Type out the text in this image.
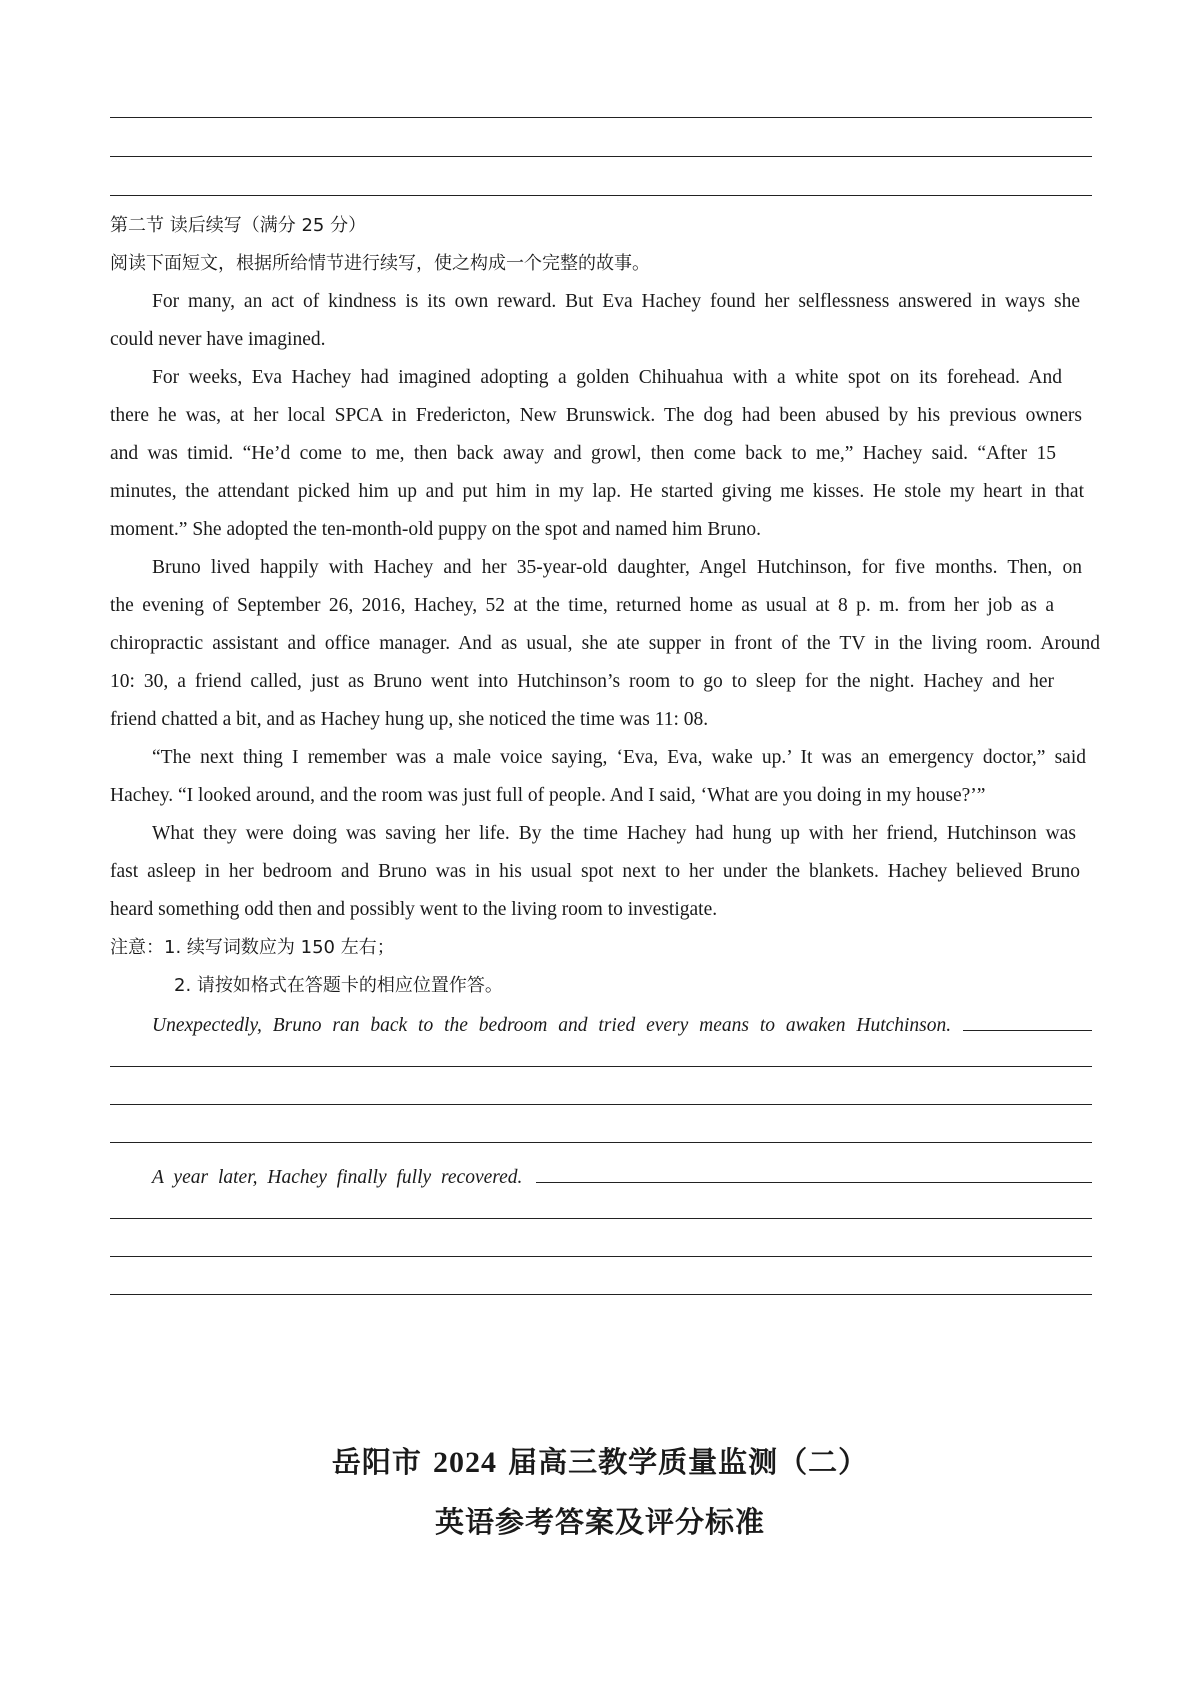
第二节 读后续写（满分 25 分）
阅读下面短文，根据所给情节进行续写，使之构成一个完整的故事。
For many, an act of kindness is its own reward. But Eva Hachey found her selflessness answered in ways she
could never have imagined.
For weeks, Eva Hachey had imagined adopting a golden Chihuahua with a white spot on its forehead. And
there he was, at her local SPCA in Fredericton, New Brunswick. The dog had been abused by his previous owners
and was timid. “He’d come to me, then back away and growl, then come back to me,” Hachey said. “After 15
minutes, the attendant picked him up and put him in my lap. He started giving me kisses. He stole my heart in that
moment.” She adopted the ten-month-old puppy on the spot and named him Bruno.
Bruno lived happily with Hachey and her 35-year-old daughter, Angel Hutchinson, for five months. Then, on
the evening of September 26, 2016, Hachey, 52 at the time, returned home as usual at 8 p. m. from her job as a
chiropractic assistant and office manager. And as usual, she ate supper in front of the TV in the living room. Around
10: 30, a friend called, just as Bruno went into Hutchinson’s room to go to sleep for the night. Hachey and her
friend chatted a bit, and as Hachey hung up, she noticed the time was 11: 08.
“The next thing I remember was a male voice saying, ‘Eva, Eva, wake up.’ It was an emergency doctor,” said
Hachey. “I looked around, and the room was just full of people. And I said, ‘What are you doing in my house?’”
What they were doing was saving her life. By the time Hachey had hung up with her friend, Hutchinson was
fast asleep in her bedroom and Bruno was in his usual spot next to her under the blankets. Hachey believed Bruno
heard something odd then and possibly went to the living room to investigate.
注意：1. 续写词数应为 150 左右；
2. 请按如格式在答题卡的相应位置作答。
Unexpectedly, Bruno ran back to the bedroom and tried every means to awaken Hutchinson.
A year later, Hachey finally fully recovered.
岳阳市 2024 届高三教学质量监测（二）
英语参考答案及评分标准
